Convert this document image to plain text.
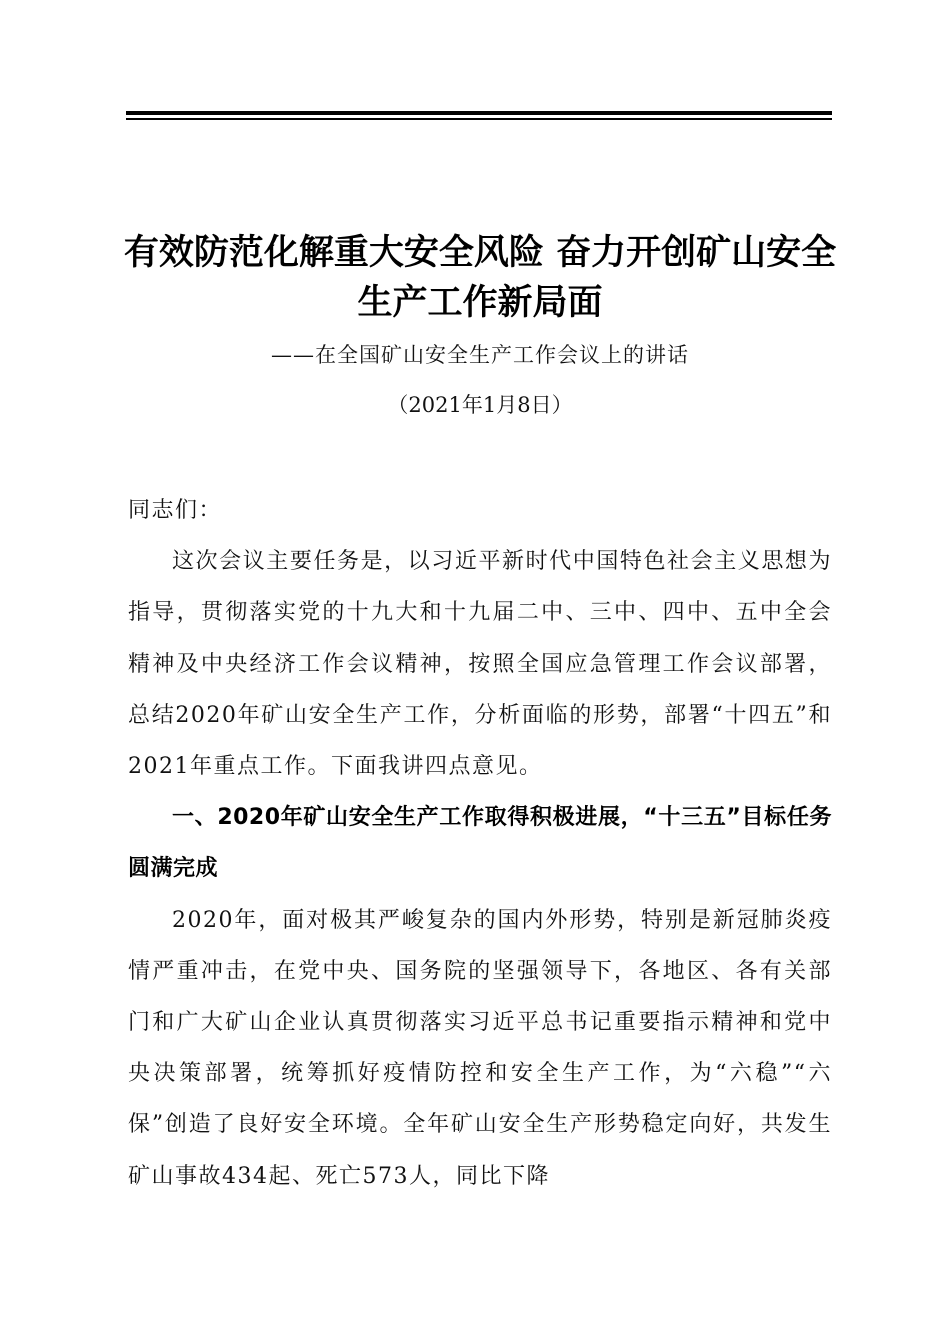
有效防范化解重大安全风险 奋力开创矿山安全生产工作新局面
——在全国矿山安全生产工作会议上的讲话
（2021年1月8日）

同志们：

这次会议主要任务是，以习近平新时代中国特色社会主义思想为指导，贯彻落实党的十九大和十九届二中、三中、四中、五中全会精神及中央经济工作会议精神，按照全国应急管理工作会议部署，总结2020年矿山安全生产工作，分析面临的形势，部署“十四五”和2021年重点工作。下面我讲四点意见。

一、2020年矿山安全生产工作取得积极进展，“十三五”目标任务圆满完成

2020年，面对极其严峻复杂的国内外形势，特别是新冠肺炎疫情严重冲击，在党中央、国务院的坚强领导下，各地区、各有关部门和广大矿山企业认真贯彻落实习近平总书记重要指示精神和党中央决策部署，统筹抓好疫情防控和安全生产工作，为“六稳”“六保”创造了良好安全环境。全年矿山安全生产形势稳定向好，共发生矿山事故434起、死亡573人，同比下降
